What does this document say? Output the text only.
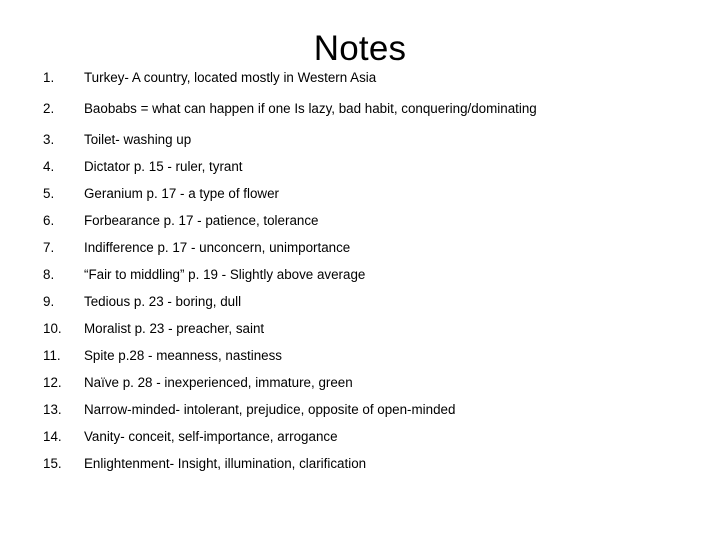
Notes
1. Turkey- A country, located mostly in Western Asia
2. Baobabs = what can happen if one Is lazy, bad habit, conquering/dominating
3. Toilet- washing up
4. Dictator p. 15 - ruler, tyrant
5. Geranium p. 17 - a type of flower
6. Forbearance p. 17 - patience, tolerance
7. Indifference p. 17 - unconcern, unimportance
8. “Fair to middling” p. 19 - Slightly above average
9. Tedious p. 23 - boring, dull
10. Moralist p. 23 - preacher, saint
11. Spite p.28 - meanness, nastiness
12. Naïve p. 28 - inexperienced, immature, green
13. Narrow-minded- intolerant, prejudice, opposite of open-minded
14. Vanity- conceit, self-importance, arrogance
15. Enlightenment- Insight, illumination, clarification
